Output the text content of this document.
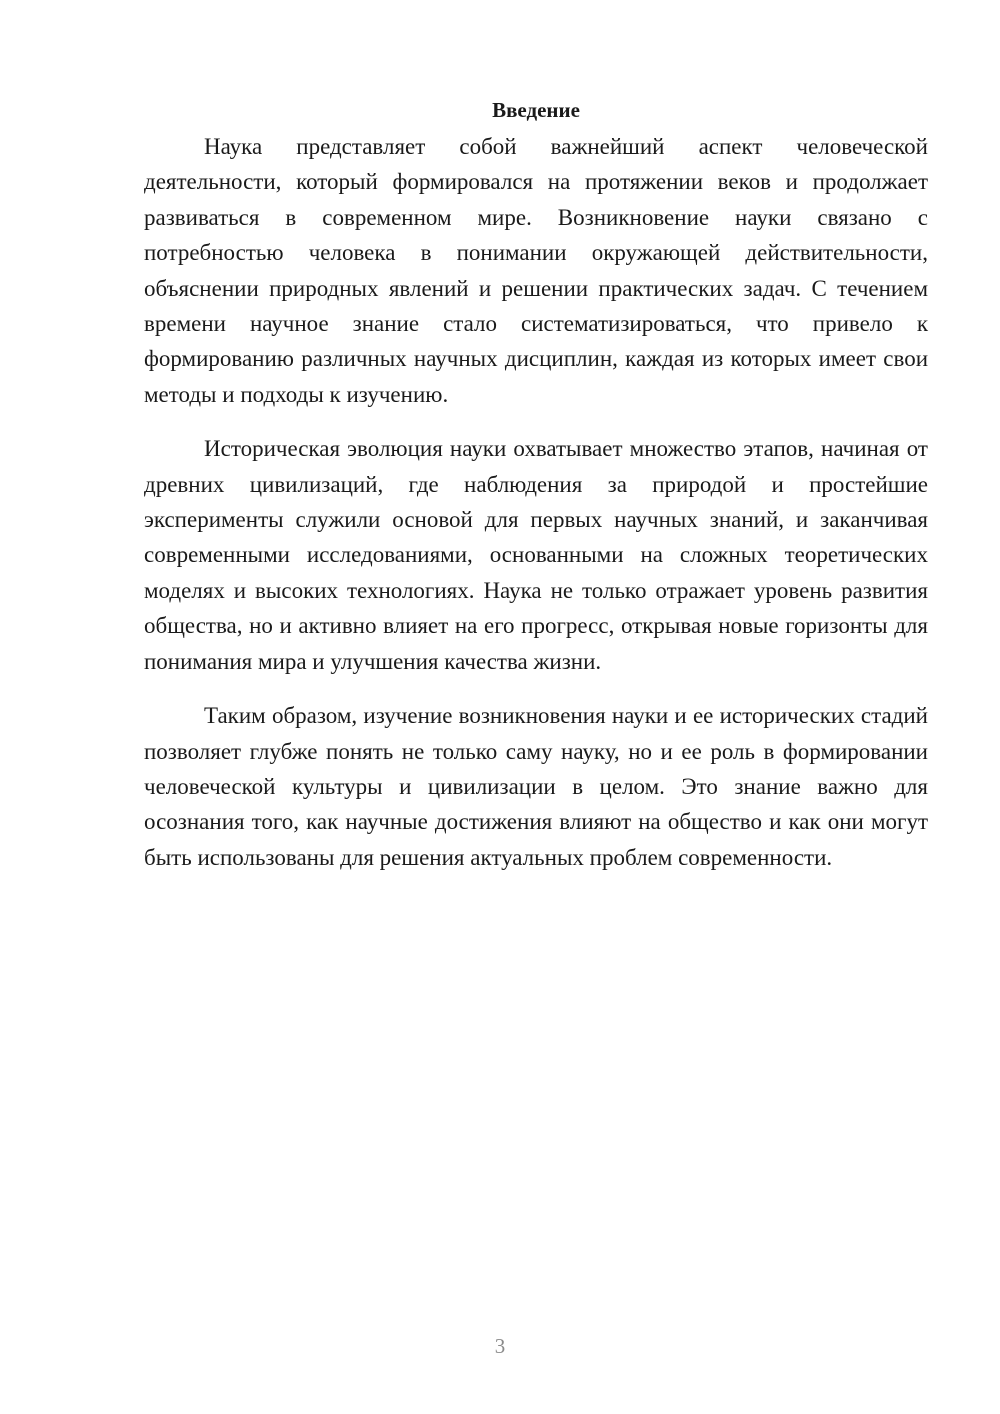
Введение

Наука представляет собой важнейший аспект человеческой деятельности, который формировался на протяжении веков и продолжает развиваться в современном мире. Возникновение науки связано с потребностью человека в понимании окружающей действительности, объяснении природных явлений и решении практических задач. С течением времени научное знание стало систематизироваться, что привело к формированию различных научных дисциплин, каждая из которых имеет свои методы и подходы к изучению.

Историческая эволюция науки охватывает множество этапов, начиная от древних цивилизаций, где наблюдения за природой и простейшие эксперименты служили основой для первых научных знаний, и заканчивая современными исследованиями, основанными на сложных теоретических моделях и высоких технологиях. Наука не только отражает уровень развития общества, но и активно влияет на его прогресс, открывая новые горизонты для понимания мира и улучшения качества жизни.

Таким образом, изучение возникновения науки и ее исторических стадий позволяет глубже понять не только саму науку, но и ее роль в формировании человеческой культуры и цивилизации в целом. Это знание важно для осознания того, как научные достижения влияют на общество и как они могут быть использованы для решения актуальных проблем современности.

3
